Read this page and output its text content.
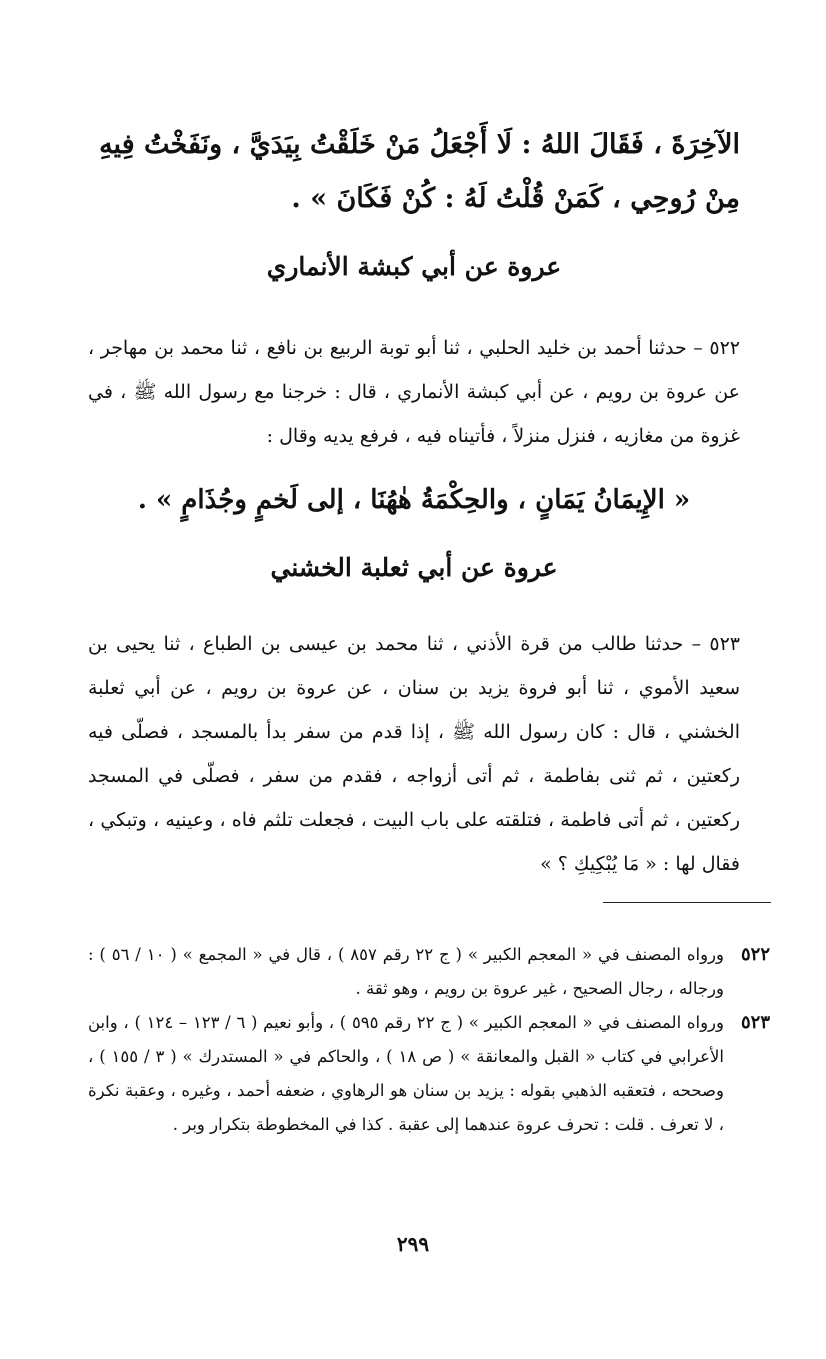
الآخِرَةَ ، فَقَالَ اللهُ : لَا أَجْعَلُ مَنْ خَلَقْتُ بِيَدَيَّ ، ونَفَخْتُ فِيهِ مِنْ رُوحِي ، كَمَنْ قُلْتُ لَهُ : كُنْ فَكَانَ » .
عروة عن أبي كبشة الأنماري
٥٢٢ – حدثنا أحمد بن خليد الحلبي ، ثنا أبو توبة الربيع بن نافع ، ثنا محمد بن مهاجر ، عن عروة بن رويم ، عن أبي كبشة الأنماري ، قال : خرجنا مع رسول الله ﷺ ، في غزوة من مغازيه ، فنزل منزلاً ، فأتيناه فيه ، فرفع يديه وقال :
« الإِيمَانُ يَمَانٍ ، والحِكْمَةُ هٰهُنَا ، إلى لَخمٍ وجُذَامٍ » .
عروة عن أبي ثعلبة الخشني
٥٢٣ – حدثنا طالب من قرة الأذني ، ثنا محمد بن عيسى بن الطباع ، ثنا يحيى بن سعيد الأموي ، ثنا أبو فروة يزيد بن سنان ، عن عروة بن رويم ، عن أبي ثعلبة الخشني ، قال : كان رسول الله ﷺ ، إذا قدم من سفر بدأ بالمسجد ، فصلّى فيه ركعتين ، ثم ثنى بفاطمة ، ثم أتى أزواجه ، فقدم من سفر ، فصلّى في المسجد ركعتين ، ثم أتى فاطمة ، فتلقته على باب البيت ، فجعلت تلثم فاه ، وعينيه ، وتبكي ، فقال لها : « مَا يُبْكِيكِ ؟ »
٥٢٢
ورواه المصنف في « المعجم الكبير » ( ج ٢٢ رقم ٨٥٧ ) ، قال في « المجمع » ( ١٠ / ٥٦ ) : ورجاله ، رجال الصحيح ، غير عروة بن رويم ، وهو ثقة .
٥٢٣
ورواه المصنف في « المعجم الكبير » ( ج ٢٢ رقم ٥٩٥ ) ، وأبو نعيم ( ٦ / ١٢٣ – ١٢٤ ) ، وابن الأعرابي في كتاب « القبل والمعانقة » ( ص ١٨ ) ، والحاكم في « المستدرك » ( ٣ / ١٥٥ ) ، وصححه ، فتعقبه الذهبي بقوله : يزيد بن سنان هو الرهاوي ، ضعفه أحمد ، وغيره ، وعقبة نكرة ، لا تعرف . قلت : تحرف عروة عندهما إلى عقبة . كذا في المخطوطة بتكرار وبر .
٢٩٩
